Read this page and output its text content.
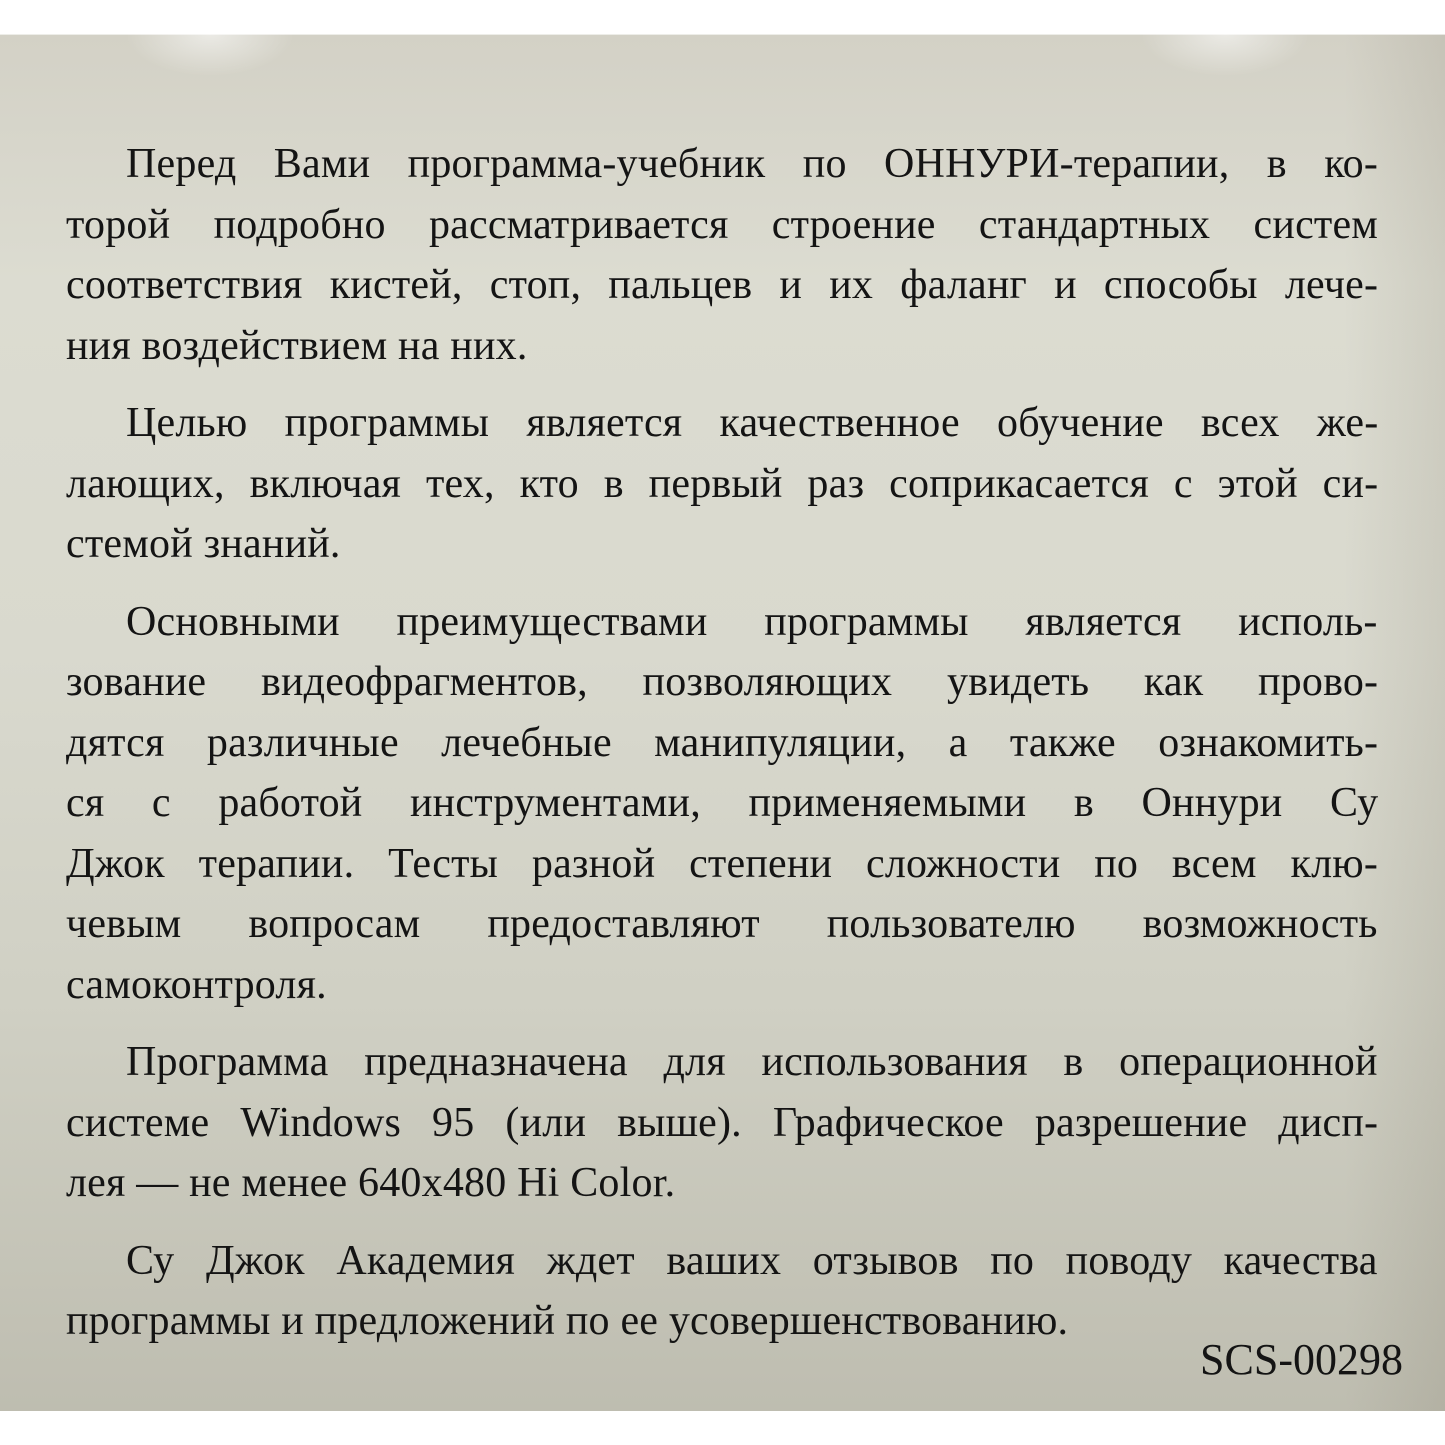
Перед Вами программа-учебник по ОННУРИ-терапии, в ко-
торой подробно рассматривается строение стандартных систем
соответствия кистей, стоп, пальцев и их фаланг и способы лече-
ния воздействием на них.
Целью программы является качественное обучение всех же-
лающих, включая тех, кто в первый раз соприкасается с этой си-
стемой знаний.
Основными преимуществами программы является исполь-
зование видеофрагментов, позволяющих увидеть как прово-
дятся различные лечебные манипуляции, а также ознакомить-
ся с работой инструментами, применяемыми в Оннури Су
Джок терапии. Тесты разной степени сложности по всем клю-
чевым вопросам предоставляют пользователю возможность
самоконтроля.
Программа предназначена для использования в операционной
системе Windows 95 (или выше). Графическое разрешение дисп-
лея — не менее 640x480 Hi Color.
Су Джок Академия ждет ваших отзывов по поводу качества
программы и предложений по ее усовершенствованию.
SCS-00298
